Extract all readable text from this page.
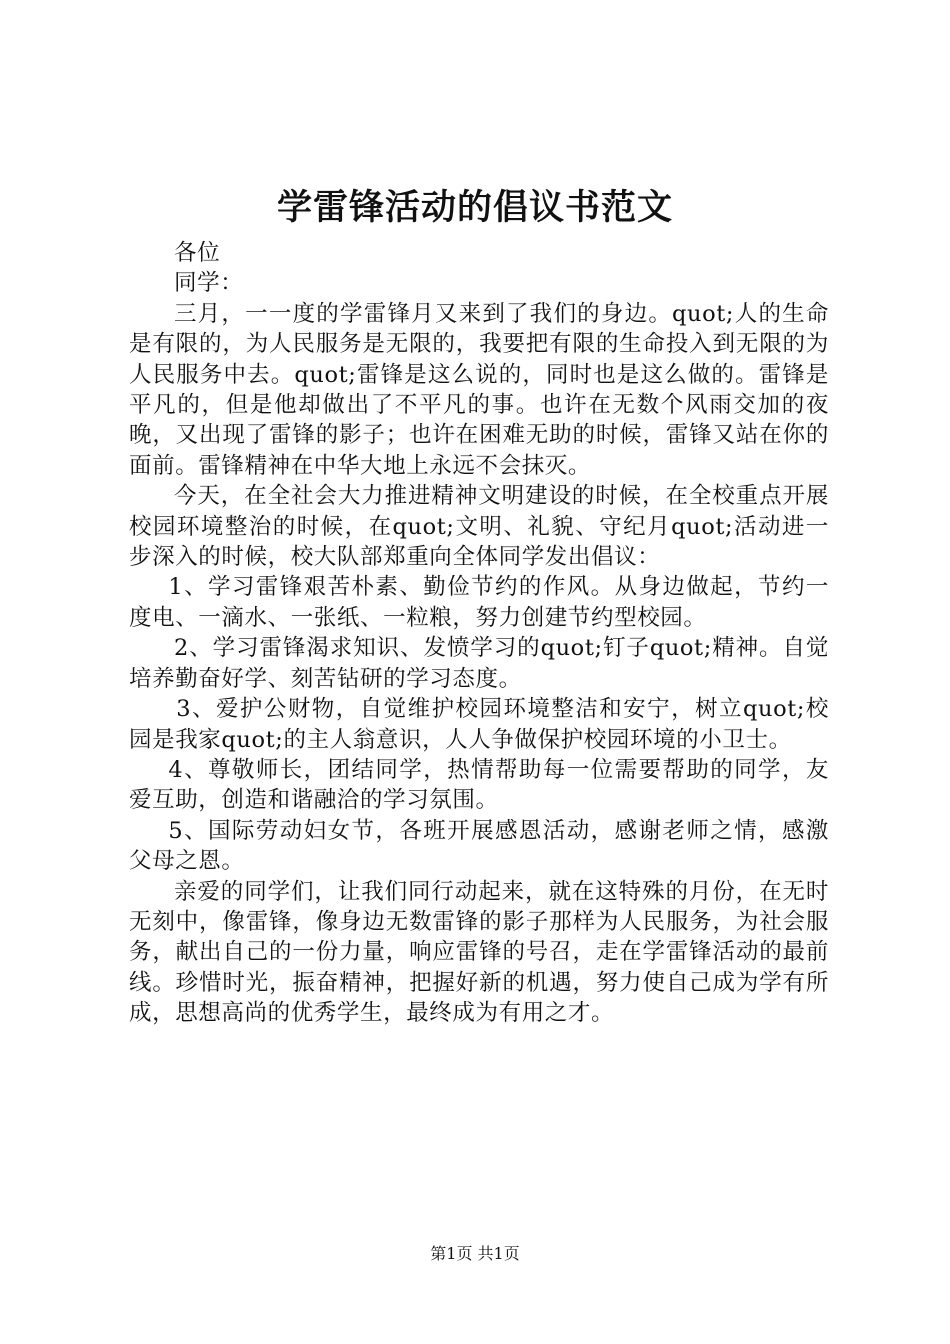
学雷锋活动的倡议书范文

各位

同学：

三月，一一度的学雷锋月又来到了我们的身边。quot;人的生命是有限的，为人民服务是无限的，我要把有限的生命投入到无限的为人民服务中去。quot;雷锋是这么说的，同时也是这么做的。雷锋是平凡的，但是他却做出了不平凡的事。也许在无数个风雨交加的夜晚，又出现了雷锋的影子；也许在困难无助的时候，雷锋又站在你的面前。雷锋精神在中华大地上永远不会抹灭。

今天，在全社会大力推进精神文明建设的时候，在全校重点开展校园环境整治的时候，在quot;文明、礼貌、守纪月quot;活动进一步深入的时候，校大队部郑重向全体同学发出倡议：

1、学习雷锋艰苦朴素、勤俭节约的作风。从身边做起，节约一度电、一滴水、一张纸、一粒粮，努力创建节约型校园。

2、学习雷锋渴求知识、发愤学习的quot;钉子quot;精神。自觉培养勤奋好学、刻苦钻研的学习态度。

3、爱护公财物，自觉维护校园环境整洁和安宁，树立quot;校园是我家quot;的主人翁意识，人人争做保护校园环境的小卫士。

4、尊敬师长，团结同学，热情帮助每一位需要帮助的同学，友爱互助，创造和谐融洽的学习氛围。

5、国际劳动妇女节，各班开展感恩活动，感谢老师之情，感激父母之恩。

亲爱的同学们，让我们同行动起来，就在这特殊的月份，在无时无刻中，像雷锋，像身边无数雷锋的影子那样为人民服务，为社会服务，献出自己的一份力量，响应雷锋的号召，走在学雷锋活动的最前线。珍惜时光，振奋精神，把握好新的机遇，努力使自己成为学有所成，思想高尚的优秀学生，最终成为有用之才。

第1页 共1页
